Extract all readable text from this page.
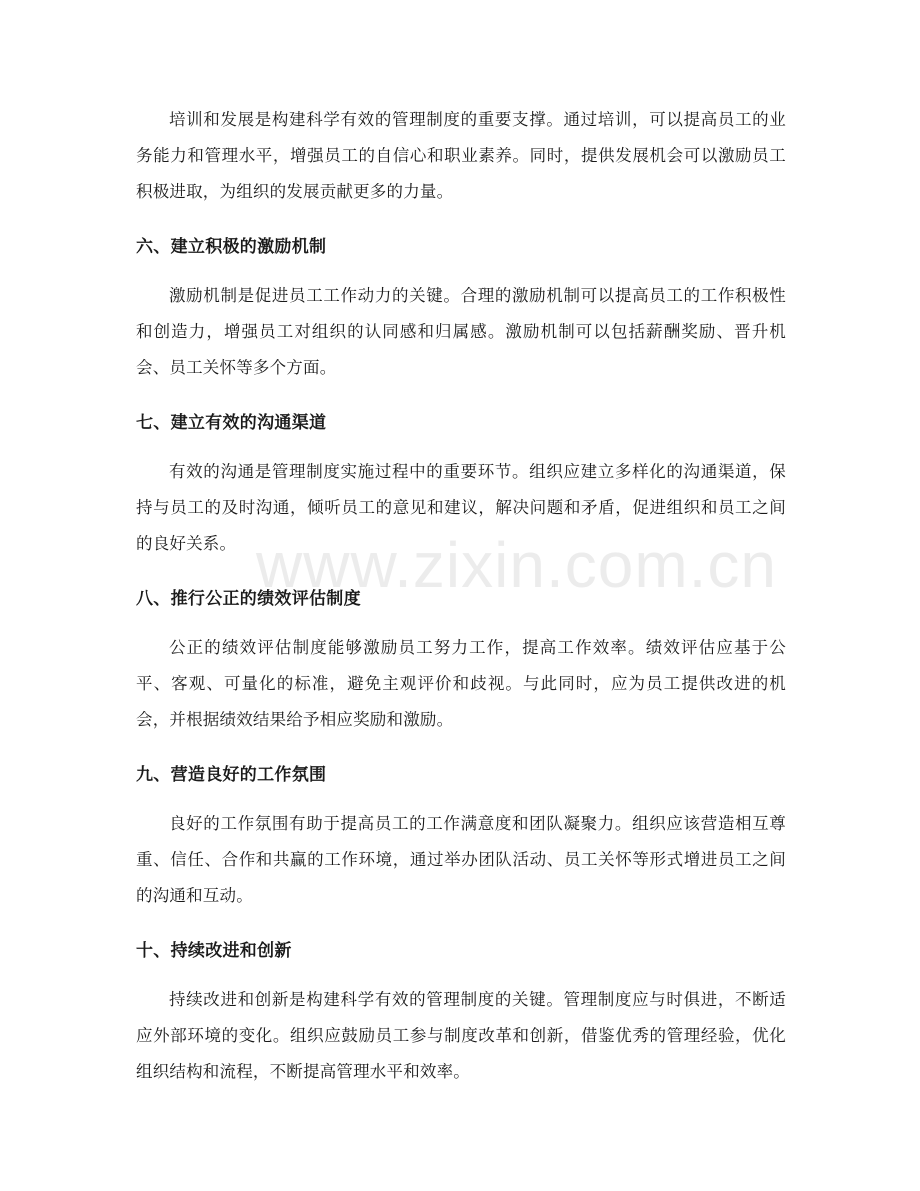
www.zixin.com.cn

培训和发展是构建科学有效的管理制度的重要支撑。通过培训，可以提高员工的业务能力和管理水平，增强员工的自信心和职业素养。同时，提供发展机会可以激励员工积极进取，为组织的发展贡献更多的力量。

六、建立积极的激励机制

激励机制是促进员工工作动力的关键。合理的激励机制可以提高员工的工作积极性和创造力，增强员工对组织的认同感和归属感。激励机制可以包括薪酬奖励、晋升机会、员工关怀等多个方面。

七、建立有效的沟通渠道

有效的沟通是管理制度实施过程中的重要环节。组织应建立多样化的沟通渠道，保持与员工的及时沟通，倾听员工的意见和建议，解决问题和矛盾，促进组织和员工之间的良好关系。

八、推行公正的绩效评估制度

公正的绩效评估制度能够激励员工努力工作，提高工作效率。绩效评估应基于公平、客观、可量化的标准，避免主观评价和歧视。与此同时，应为员工提供改进的机会，并根据绩效结果给予相应奖励和激励。

九、营造良好的工作氛围

良好的工作氛围有助于提高员工的工作满意度和团队凝聚力。组织应该营造相互尊重、信任、合作和共赢的工作环境，通过举办团队活动、员工关怀等形式增进员工之间的沟通和互动。

十、持续改进和创新

持续改进和创新是构建科学有效的管理制度的关键。管理制度应与时俱进，不断适应外部环境的变化。组织应鼓励员工参与制度改革和创新，借鉴优秀的管理经验，优化组织结构和流程，不断提高管理水平和效率。
